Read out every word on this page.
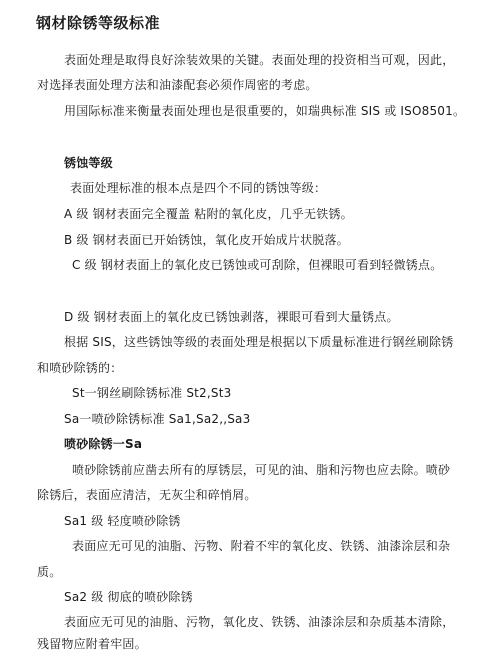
钢材除锈等级标准
表面处理是取得良好涂装效果的关键。表面处理的投资相当可观，因此，
对选择表面处理方法和油漆配套必须作周密的考虑。
用国际标准来衡量表面处理也是很重要的，如瑞典标准 SIS 或 ISO8501。
锈蚀等级
表面处理标准的根本点是四个不同的锈蚀等级：
A 级 钢材表面完全覆盖 粘附的氧化皮，几乎无铁锈。
B 级 钢材表面已开始锈蚀，氧化皮开始成片状脱落。
C 级 钢材表面上的氧化皮已锈蚀或可刮除，但裸眼可看到轻微锈点。
D 级 钢材表面上的氧化皮已锈蚀剥落，裸眼可看到大量锈点。
根据 SIS，这些锈蚀等级的表面处理是根据以下质量标准进行钢丝刷除锈
和喷砂除锈的：
St一钢丝刷除锈标准 St2,St3
Sa一喷砂除锈标准 Sa1,Sa2,,Sa3
喷砂除锈一Sa
喷砂除锈前应凿去所有的厚锈层，可见的油、脂和污物也应去除。喷砂
除锈后，表面应清洁，无灰尘和碎悄屑。
Sa1 级 轻度喷砂除锈
表面应无可见的油脂、污物、附着不牢的氧化皮、铁锈、油漆涂层和杂
质。
Sa2 级 彻底的喷砂除锈
表面应无可见的油脂、污物，氧化皮、铁锈、油漆涂层和杂质基本清除，
残留物应附着牢固。
